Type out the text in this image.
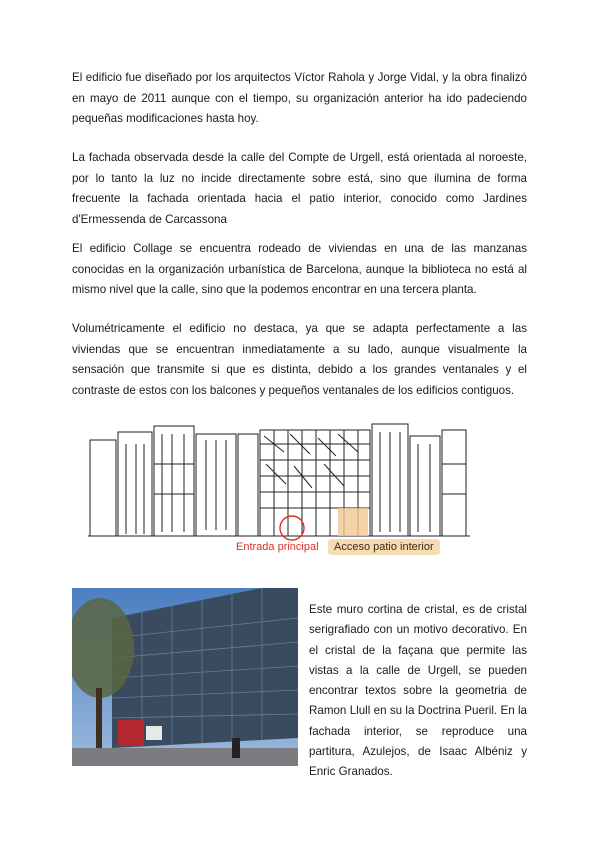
El edificio fue diseñado por los arquitectos Víctor Rahola y Jorge Vidal, y la obra finalizó en mayo de 2011 aunque con el tiempo, su organización anterior ha ido padeciendo pequeñas modificaciones hasta hoy.

La fachada observada desde la calle del Compte de Urgell, está orientada al noroeste, por lo tanto la luz no incide directamente sobre está, sino que ilumina de forma frecuente la fachada orientada hacia el patio interior, conocido como Jardines d'Ermessenda de Carcassona

El edificio Collage se encuentra rodeado de viviendas en una de las manzanas conocidas en la organización urbanística de Barcelona, aunque la biblioteca no está al mismo nivel que la calle, sino que la podemos encontrar en una tercera planta.

Volumétricamente el edificio no destaca, ya que se adapta perfectamente a las viviendas que se encuentran inmediatamente a su lado, aunque visualmente la sensación que transmite si que es distinta, debido a los grandes ventanales y el contraste de estos con los balcones y pequeños ventanales de los edificios contiguos.

Entrada principal	Acceso patio interior

Este muro cortina de cristal, es de cristal serigrafiado con un motivo decorativo. En el cristal de la façana que permite las vistas a la calle de Urgell, se pueden encontrar textos sobre la geometria de Ramon Llull en su la Doctrina Pueril. En la fachada interior, se reproduce una partitura, Azulejos, de Isaac Albéniz y Enric Granados.
